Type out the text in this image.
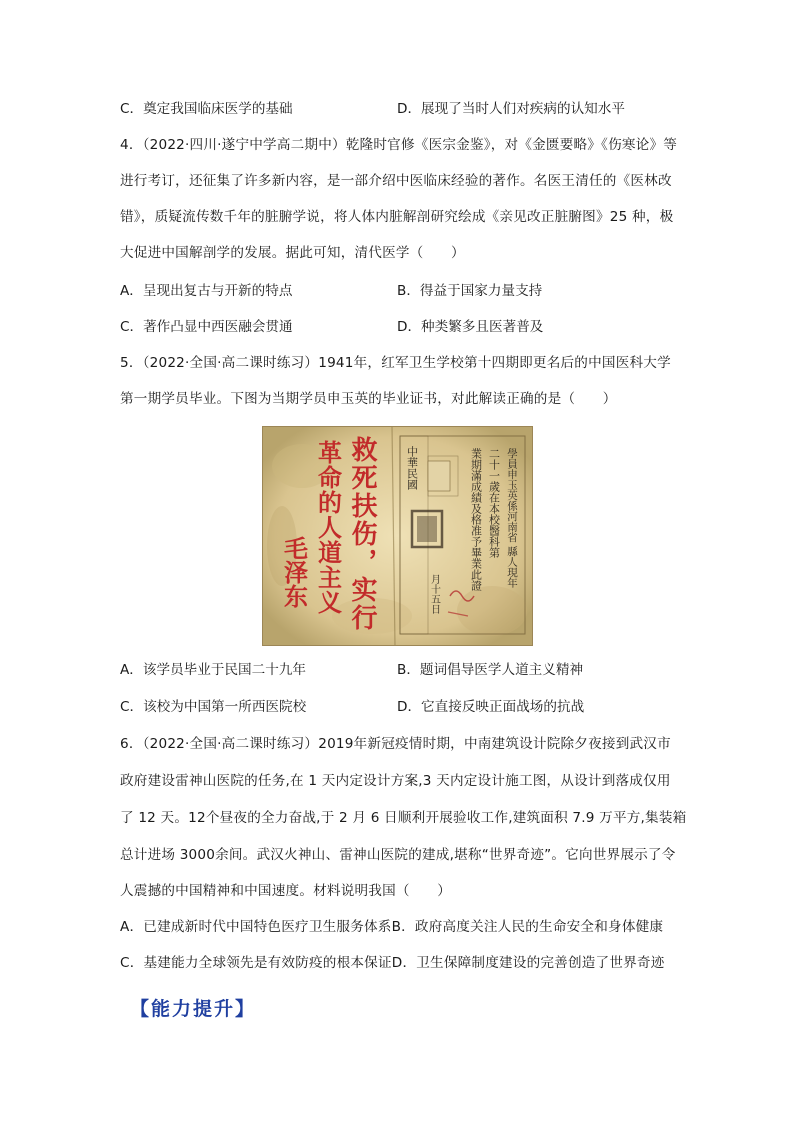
C．奠定我国临床医学的基础	D．展现了当时人们对疾病的认知水平
4．（2022·四川·遂宁中学高二期中）乾隆时官修《医宗金鉴》，对《金匮要略》《伤寒论》等
进行考订，还征集了许多新内容，是一部介绍中医临床经验的著作。名医王清任的《医林改
错》，质疑流传数千年的脏腑学说，将人体内脏解剖研究绘成《亲见改正脏腑图》25 种，极
大促进中国解剖学的发展。据此可知，清代医学（　　）
A．呈现出复古与开新的特点	B．得益于国家力量支持
C．著作凸显中西医融会贯通	D．种类繁多且医著普及
5．（2022·全国·高二课时练习）1941年，红军卫生学校第十四期即更名后的中国医科大学
第一期学员毕业。下图为当期学员申玉英的毕业证书，对此解读正确的是（　　）
學員申玉英係河南省 縣人現年
二十一歲在本校醫科第
業期滿成績及格准予畢業此證
中華民國
月十五日
救死扶伤，实行
革命的人道主义
毛泽东
A．该学员毕业于民国二十九年	B．题词倡导医学人道主义精神
C．该校为中国第一所西医院校	D．它直接反映正面战场的抗战
6．（2022·全国·高二课时练习）2019年新冠疫情时期，中南建筑设计院除夕夜接到武汉市
政府建设雷神山医院的任务,在 1 天内定设计方案,3 天内定设计施工图，从设计到落成仅用
了 12 天。12个昼夜的全力奋战,于 2 月 6 日顺利开展验收工作,建筑面积 7.9 万平方,集装箱
总计进场 3000余间。武汉火神山、雷神山医院的建成,堪称“世界奇迹”。它向世界展示了令
人震撼的中国精神和中国速度。材料说明我国（　　）
A．已建成新时代中国特色医疗卫生服务体系B．政府高度关注人民的生命安全和身体健康
C．基建能力全球领先是有效防疫的根本保证D．卫生保障制度建设的完善创造了世界奇迹
【能力提升】
